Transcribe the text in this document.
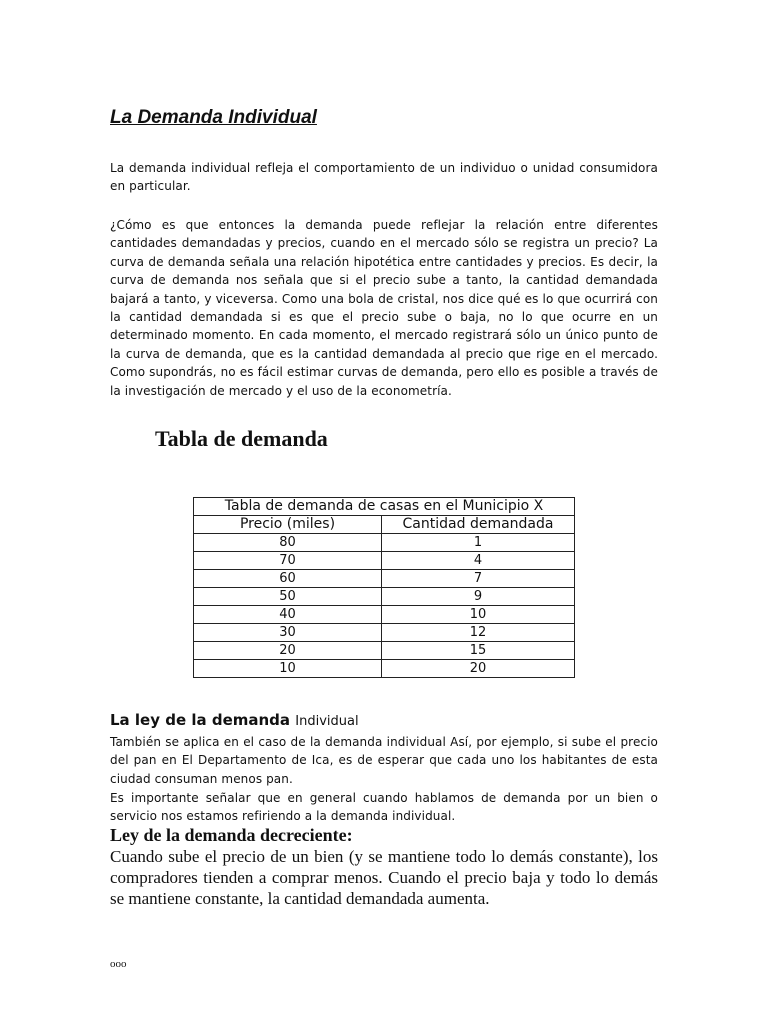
La Demanda Individual

La demanda individual refleja el comportamiento de un individuo o unidad consumidora en particular.

¿Cómo es que entonces la demanda puede reflejar la relación entre diferentes cantidades demandadas y precios, cuando en el mercado sólo se registra un precio? La curva de demanda señala una relación hipotética entre cantidades y precios. Es decir, la curva de demanda nos señala que si el precio sube a tanto, la cantidad demandada bajará a tanto, y viceversa. Como una bola de cristal, nos dice qué es lo que ocurrirá con la cantidad demandada si es que el precio sube o baja, no lo que ocurre en un determinado momento. En cada momento, el mercado registrará sólo un único punto de la curva de demanda, que es la cantidad demandada al precio que rige en el mercado. Como supondrás, no es fácil estimar curvas de demanda, pero ello es posible a través de la investigación de mercado y el uso de la econometría.

Tabla de demanda
Tabla de demanda de casas en el Municipio X	
Precio (miles)	Cantidad demandada
80	1
70	4
60	7
50	9
40	10
30	12
20	15
10	20
La ley de la demanda Individual

También se aplica en el caso de la demanda individual Así, por ejemplo, si sube el precio del pan en El Departamento de Ica, es de esperar que cada uno los habitantes de esta ciudad consuman menos pan.

Es importante señalar que en general cuando hablamos de demanda por un bien o servicio nos estamos refiriendo a la demanda individual.

Ley de la demanda decreciente:

Cuando sube el precio de un bien (y se mantiene todo lo demás constante), los compradores tienden a comprar menos. Cuando el precio baja y todo lo demás se mantiene constante, la cantidad demandada aumenta.

ooo
